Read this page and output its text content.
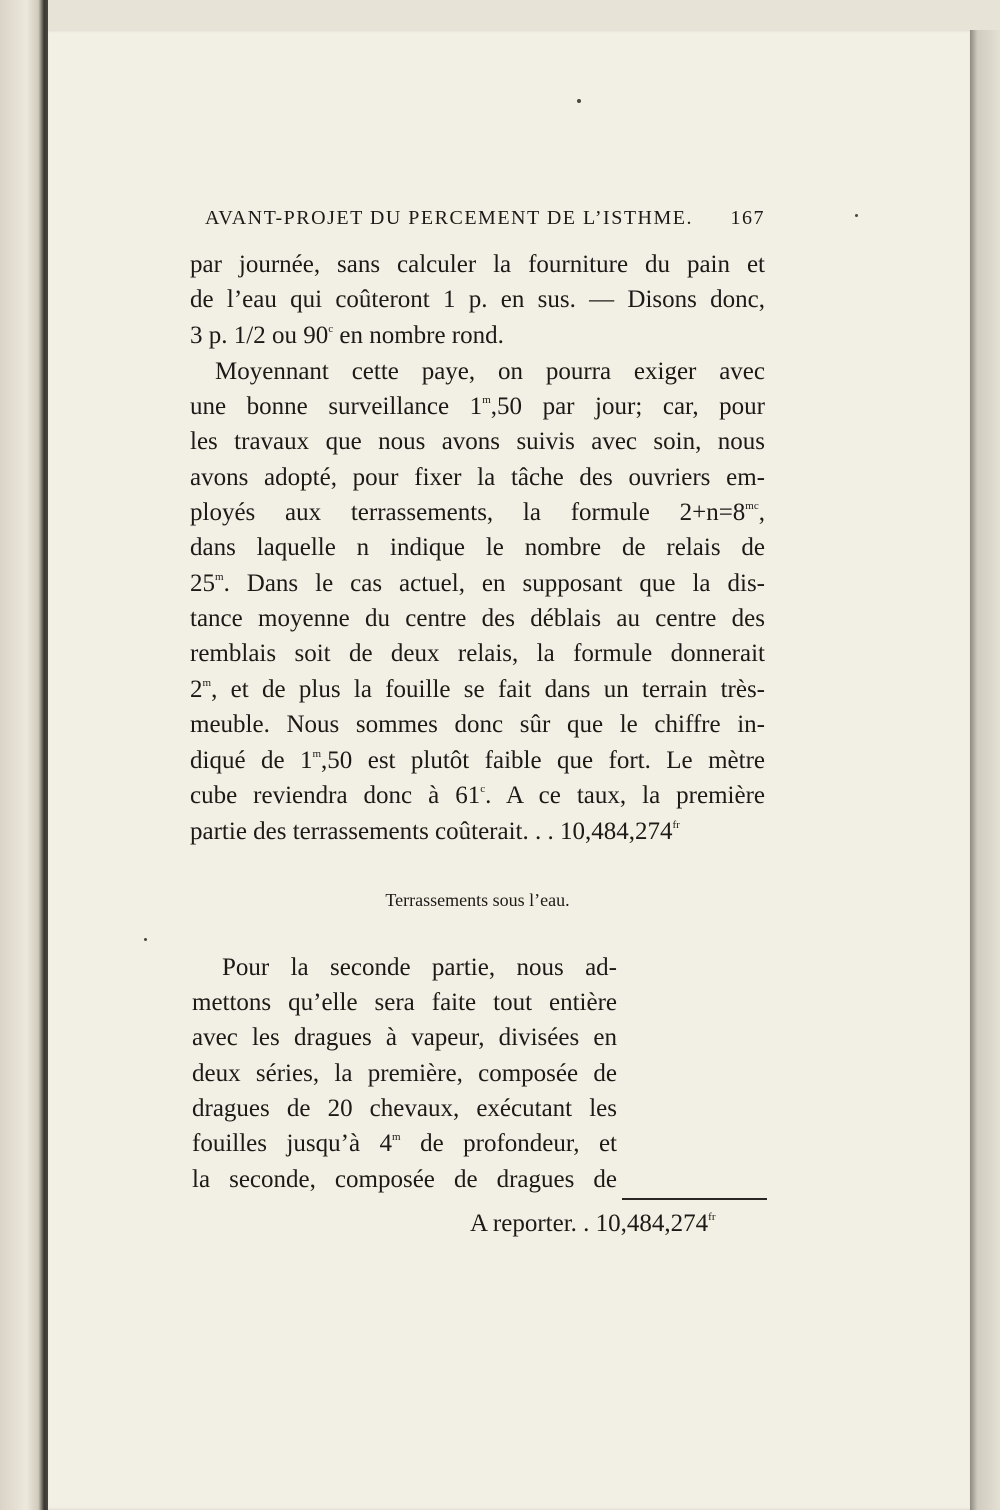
AVANT-PROJET DU PERCEMENT DE L’ISTHME. 167
par journée, sans calculer la fourniture du pain et
de l’eau qui coûteront 1 p. en sus. — Disons donc,
3 p. 1/2 ou 90$^c$ en nombre rond.
Moyennant cette paye, on pourra exiger avec
une bonne surveillance 1$^m$,50 par jour; car, pour
les travaux que nous avons suivis avec soin, nous
avons adopté, pour fixer la tâche des ouvriers em-
ployés aux terrassements, la formule $2+n=8^{mc}$,
dans laquelle n indique le nombre de relais de
25$^m$. Dans le cas actuel, en supposant que la dis-
tance moyenne du centre des déblais au centre des
remblais soit de deux relais, la formule donnerait
2$^m$, et de plus la fouille se fait dans un terrain très-
meuble. Nous sommes donc sûr que le chiffre in-
diqué de 1$^m$,50 est plutôt faible que fort. Le mètre
cube reviendra donc à 61$^c$. A ce taux, la première
partie des terrassements coûterait. . . $10,484,274^{fr}$
Terrassements sous l’eau.
Pour la seconde partie, nous ad-
mettons qu’elle sera faite tout entière
avec les dragues à vapeur, divisées en
deux séries, la première, composée de
dragues de 20 chevaux, exécutant les
fouilles jusqu’à 4$^m$ de profondeur, et
la seconde, composée de dragues de
A reporter. . $10,484,274^{fr}$
